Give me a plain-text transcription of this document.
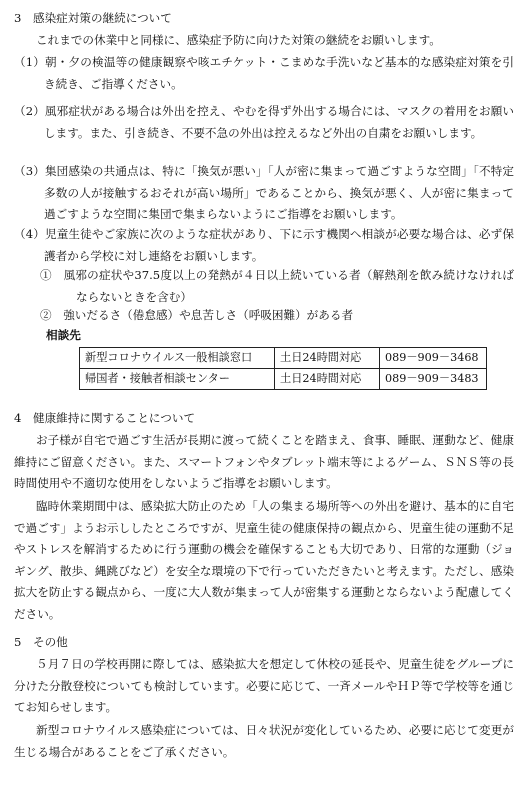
3　感染症対策の継続について
これまでの休業中と同様に、感染症予防に向けた対策の継続をお願いします。
（1）朝・夕の検温等の健康観察や咳エチケット・こまめな手洗いなど基本的な感染症対策を引き続き、ご指導ください。
（2）風邪症状がある場合は外出を控え、やむを得ず外出する場合には、マスクの着用をお願いします。また、引き続き、不要不急の外出は控えるなど外出の自粛をお願いします。
（3）集団感染の共通点は、特に「換気が悪い」「人が密に集まって過ごすような空間」「不特定多数の人が接触するおそれが高い場所」であることから、換気が悪く、人が密に集まって過ごすような空間に集団で集まらないようにご指導をお願いします。
（4）児童生徒やご家族に次のような症状があり、下に示す機関へ相談が必要な場合は、必ず保護者から学校に対し連絡をお願いします。
①　風邪の症状や37.5度以上の発熱が４日以上続いている者（解熱剤を飲み続けなければならないときを含む）
②　強いだるさ（倦怠感）や息苦しさ（呼吸困難）がある者
相談先
新型コロナウイルス一般相談窓口	土日24時間対応	089－909－3468
帰国者・接触者相談センター	土日24時間対応	089－909－3483
4　健康維持に関することについて
お子様が自宅で過ごす生活が長期に渡って続くことを踏まえ、食事、睡眠、運動など、健康維持にご留意ください。また、スマートフォンやタブレット端末等によるゲーム、ＳＮＳ等の長時間使用や不適切な使用をしないようご指導をお願いします。
臨時休業期間中は、感染拡大防止のため「人の集まる場所等への外出を避け、基本的に自宅で過ごす」ようお示ししたところですが、児童生徒の健康保持の観点から、児童生徒の運動不足やストレスを解消するために行う運動の機会を確保することも大切であり、日常的な運動（ジョギング、散歩、縄跳びなど）を安全な環境の下で行っていただきたいと考えます。ただし、感染拡大を防止する観点から、一度に大人数が集まって人が密集する運動とならないよう配慮してください。
5　その他
５月７日の学校再開に際しては、感染拡大を想定して休校の延長や、児童生徒をグループに分けた分散登校についても検討しています。必要に応じて、一斉メールやＨＰ等で学校等を通じてお知らせします。
新型コロナウイルス感染症については、日々状況が変化しているため、必要に応じて変更が生じる場合があることをご了承ください。
